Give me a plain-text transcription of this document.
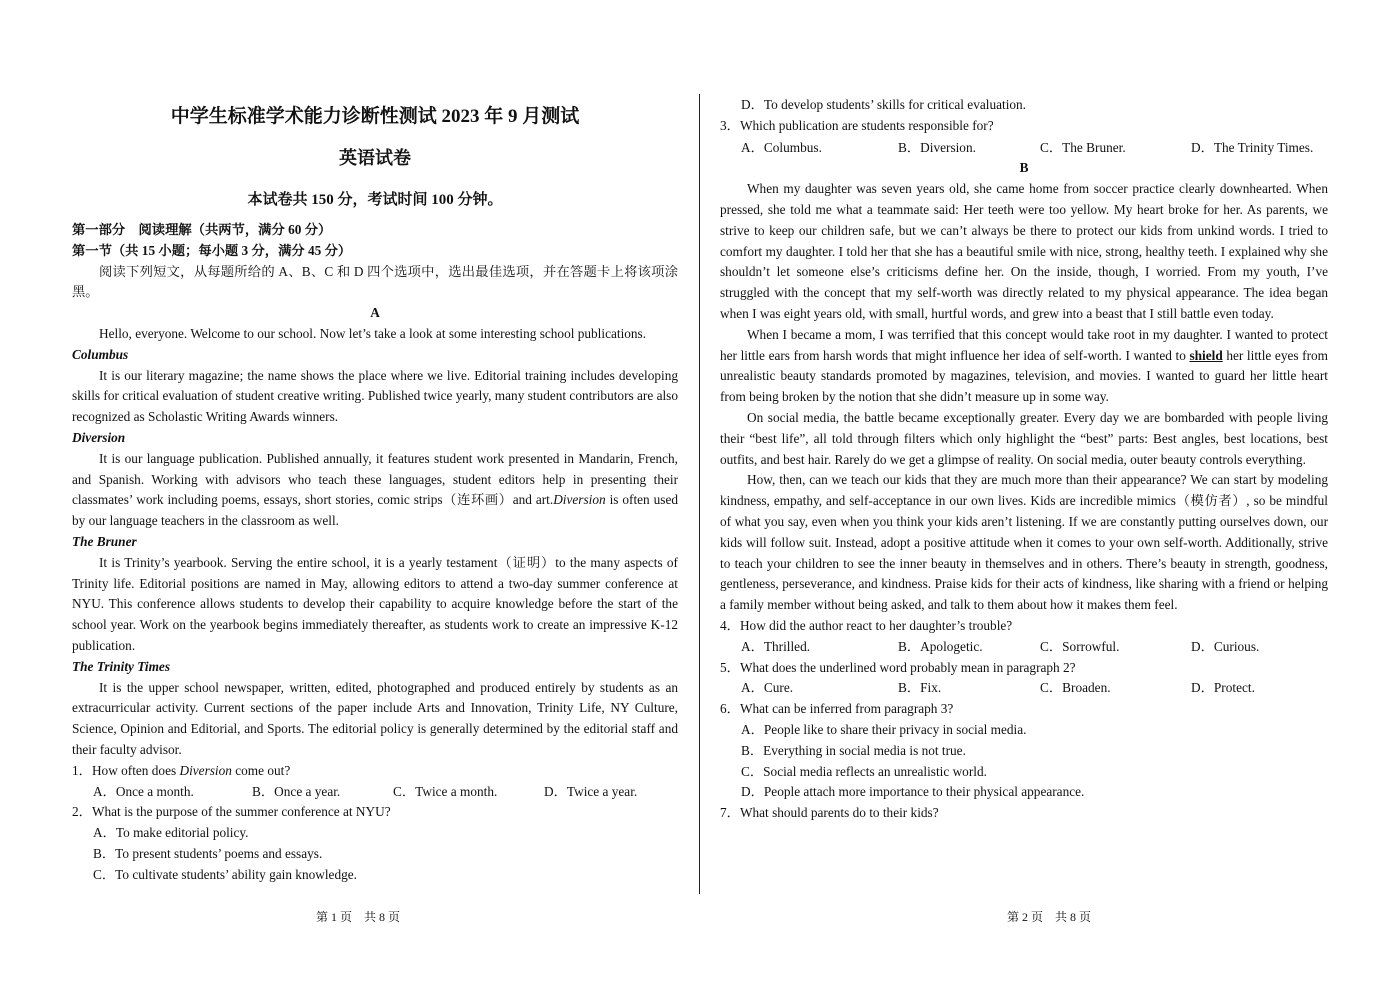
中学生标准学术能力诊断性测试 2023 年 9 月测试
英语试卷
本试卷共 150 分，考试时间 100 分钟。

第一部分　阅读理解（共两节，满分 60 分）

第一节（共 15 小题；每小题 3 分，满分 45 分）

阅读下列短文，从每题所给的 A、B、C 和 D 四个选项中，选出最佳选项，并在答题卡上将该项涂黑。

A

Hello, everyone. Welcome to our school. Now let’s take a look at some interesting school publications.

Columbus

It is our literary magazine; the name shows the place where we live. Editorial training includes developing skills for critical evaluation of student creative writing. Published twice yearly, many student contributors are also recognized as Scholastic Writing Awards winners.

Diversion

It is our language publication. Published annually, it features student work presented in Mandarin, French, and Spanish. Working with advisors who teach these languages, student editors help in presenting their classmates’ work including poems, essays, short stories, comic strips（连环画）and art.Diversion is often used by our language teachers in the classroom as well.

The Bruner

It is Trinity’s yearbook. Serving the entire school, it is a yearly testament（证明）to the many aspects of Trinity life. Editorial positions are named in May, allowing editors to attend a two-day summer conference at NYU. This conference allows students to develop their capability to acquire knowledge before the start of the school year. Work on the yearbook begins immediately thereafter, as students work to create an impressive K-12 publication.

The Trinity Times

It is the upper school newspaper, written, edited, photographed and produced entirely by students as an extracurricular activity. Current sections of the paper include Arts and Innovation, Trinity Life, NY Culture, Science, Opinion and Editorial, and Sports. The editorial policy is generally determined by the editorial staff and their faculty advisor.

1．How often does Diversion come out?

A．Once a month.	B．Once a year.	C．Twice a month.	D．Twice a year.

2．What is the purpose of the summer conference at NYU?

A．To make editorial policy.

B．To present students’ poems and essays.

C．To cultivate students’ ability gain knowledge.

第 1 页　共 8 页

D．To develop students’ skills for critical evaluation.

3．Which publication are students responsible for?

A．Columbus.	B．Diversion.	C．The Bruner.	D．The Trinity Times.

B

When my daughter was seven years old, she came home from soccer practice clearly downhearted. When pressed, she told me what a teammate said: Her teeth were too yellow. My heart broke for her. As parents, we strive to keep our children safe, but we can’t always be there to protect our kids from unkind words. I tried to comfort my daughter. I told her that she has a beautiful smile with nice, strong, healthy teeth. I explained why she shouldn’t let someone else’s criticisms define her. On the inside, though, I worried. From my youth, I’ve struggled with the concept that my self-worth was directly related to my physical appearance. The idea began when I was eight years old, with small, hurtful words, and grew into a beast that I still battle even today.

When I became a mom, I was terrified that this concept would take root in my daughter. I wanted to protect her little ears from harsh words that might influence her idea of self-worth. I wanted to shield her little eyes from unrealistic beauty standards promoted by magazines, television, and movies. I wanted to guard her little heart from being broken by the notion that she didn’t measure up in some way.

On social media, the battle became exceptionally greater. Every day we are bombarded with people living their “best life”, all told through filters which only highlight the “best” parts: Best angles, best locations, best outfits, and best hair. Rarely do we get a glimpse of reality. On social media, outer beauty controls everything.

How, then, can we teach our kids that they are much more than their appearance? We can start by modeling kindness, empathy, and self-acceptance in our own lives. Kids are incredible mimics（模仿者）, so be mindful of what you say, even when you think your kids aren’t listening. If we are constantly putting ourselves down, our kids will follow suit. Instead, adopt a positive attitude when it comes to your own self-worth. Additionally, strive to teach your children to see the inner beauty in themselves and in others. There’s beauty in strength, goodness, gentleness, perseverance, and kindness. Praise kids for their acts of kindness, like sharing with a friend or helping a family member without being asked, and talk to them about how it makes them feel.

4．How did the author react to her daughter’s trouble?

A．Thrilled.	B．Apologetic.	C．Sorrowful.	D．Curious.

5．What does the underlined word probably mean in paragraph 2?

A．Cure.	B．Fix.	C．Broaden.	D．Protect.

6．What can be inferred from paragraph 3?

A．People like to share their privacy in social media.

B．Everything in social media is not true.

C．Social media reflects an unrealistic world.

D．People attach more importance to their physical appearance.

7．What should parents do to their kids?

第 2 页　共 8 页
